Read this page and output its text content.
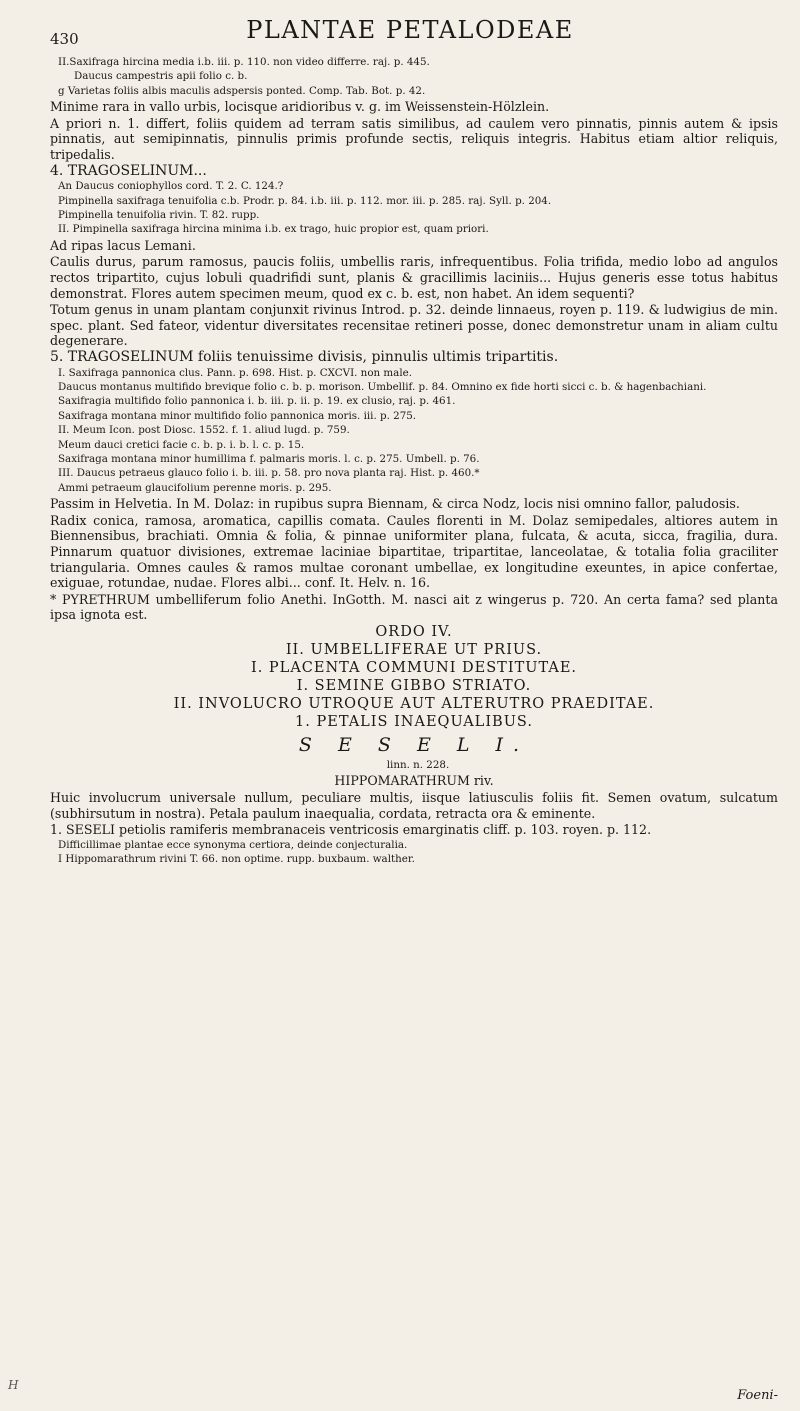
430	PLANTAE PETALODEAE

II.Saxifraga hircina media i.b. iii. p. 110. non video differre. raj. p. 445.

Daucus campestris apii folio c. b.

g Varietas foliis albis maculis adspersis ponted. Comp. Tab. Bot. p. 42.

Minime rara in vallo urbis, locisque aridioribus v. g. im Weissenstein-Hölzlein.

A priori n. 1. differt, foliis quidem ad terram satis similibus, ad caulem vero pinnatis, pinnis autem & ipsis pinnatis, aut semipinnatis, pinnulis primis profunde sectis, reliquis integris. Habitus etiam altior reliquis, tripedalis.

4. TRAGOSELINUM...

An Daucus coniophyllos cord. T. 2. C. 124.?

Pimpinella saxifraga tenuifolia c.b. Prodr. p. 84. i.b. iii. p. 112. mor. iii. p. 285. raj. Syll. p. 204.

Pimpinella tenuifolia rivin. T. 82. rupp.

II. Pimpinella saxifraga hircina minima i.b. ex trago, huic propior est, quam priori.

Ad ripas lacus Lemani.

Caulis durus, parum ramosus, paucis foliis, umbellis raris, infrequentibus. Folia trifida, medio lobo ad angulos rectos tripartito, cujus lobuli quadrifidi sunt, planis & gracillimis laciniis... Hujus generis esse totus habitus demonstrat. Flores autem specimen meum, quod ex c. b. est, non habet. An idem sequenti?

Totum genus in unam plantam conjunxit rivinus Introd. p. 32. deinde linnaeus, royen p. 119. & ludwigius de min. spec. plant. Sed fateor, videntur diversitates recensitae retineri posse, donec demonstretur unam in aliam cultu degenerare.

5. TRAGOSELINUM foliis tenuissime divisis, pinnulis ultimis tripartitis.

I. Saxifraga pannonica clus. Pann. p. 698. Hist. p. CXCVI. non male.

Daucus montanus multifido brevique folio c. b. p. morison. Umbellif. p. 84. Omnino ex fide horti sicci c. b. & hagenbachiani.

Saxifragia multifido folio pannonica i. b. iii. p. ii. p. 19. ex clusio, raj. p. 461.

Saxifraga montana minor multifido folio pannonica moris. iii. p. 275.

II. Meum Icon. post Diosc. 1552. f. 1. aliud lugd. p. 759.

Meum dauci cretici facie c. b. p. i. b. l. c. p. 15.

Saxifraga montana minor humillima f. palmaris moris. l. c. p. 275. Umbell. p. 76.

III. Daucus petraeus glauco folio i. b. iii. p. 58. pro nova planta raj. Hist. p. 460.*

Ammi petraeum glaucifolium perenne moris. p. 295.

Passim in Helvetia. In M. Dolaz: in rupibus supra Biennam, & circa Nodz, locis nisi omnino fallor, paludosis.

Radix conica, ramosa, aromatica, capillis comata. Caules florenti in M. Dolaz semipedales, altiores autem in Biennensibus, brachiati. Omnia & folia, & pinnae uniformiter plana, fulcata, & acuta, sicca, fragilia, dura. Pinnarum quatuor divisiones, extremae laciniae bipartitae, tripartitae, lanceolatae, & totalia folia graciliter triangularia. Omnes caules & ramos multae coronant umbellae, ex longitudine exeuntes, in apice confertae, exiguae, rotundae, nudae. Flores albi... conf. It. Helv. n. 16.

* PYRETHRUM umbelliferum folio Anethi. InGotth. M. nasci ait z wingerus p. 720. An certa fama? sed planta ipsa ignota est.

ORDO IV.

II. UMBELLIFERAE UT PRIUS.

I. PLACENTA COMMUNI DESTITUTAE.

I. SEMINE GIBBO STRIATO.

II. INVOLUCRO UTROQUE AUT ALTERUTRO PRAEDITAE.

1. PETALIS INAEQUALIBUS.

S E S E L I.

linn. n. 228.

HIPPOMARATHRUM riv.

Huic involucrum universale nullum, peculiare multis, iisque latiusculis foliis fit. Semen ovatum, sulcatum (subhirsutum in nostra). Petala paulum inaequalia, cordata, retracta ora & eminente.

1. SESELI petiolis ramiferis membranaceis ventricosis emarginatis cliff. p. 103. royen. p. 112.

Difficillimae plantae ecce synonyma certiora, deinde conjecturalia.

I Hippomarathrum rivini T. 66. non optime. rupp. buxbaum. walther.

H
Foeni-
